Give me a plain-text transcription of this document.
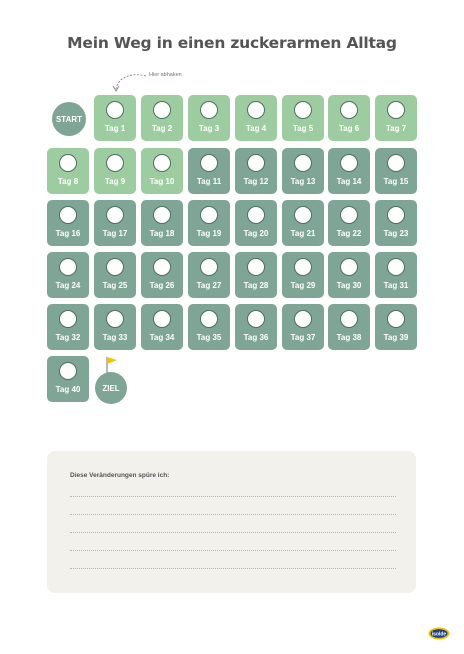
Mein Weg in einen zuckerarmen Alltag
Hier abhaken
START
Tag 1	Tag 2	Tag 3	Tag 4	Tag 5	Tag 6	Tag 7
Tag 8	Tag 9	Tag 10	Tag 11	Tag 12	Tag 13	Tag 14	Tag 15
Tag 16	Tag 17	Tag 18	Tag 19	Tag 20	Tag 21	Tag 22	Tag 23
Tag 24	Tag 25	Tag 26	Tag 27	Tag 28	Tag 29	Tag 30	Tag 31
Tag 32	Tag 33	Tag 34	Tag 35	Tag 36	Tag 37	Tag 38	Tag 39
Tag 40	ZIEL
Diese Veränderungen spüre ich:
isolde
